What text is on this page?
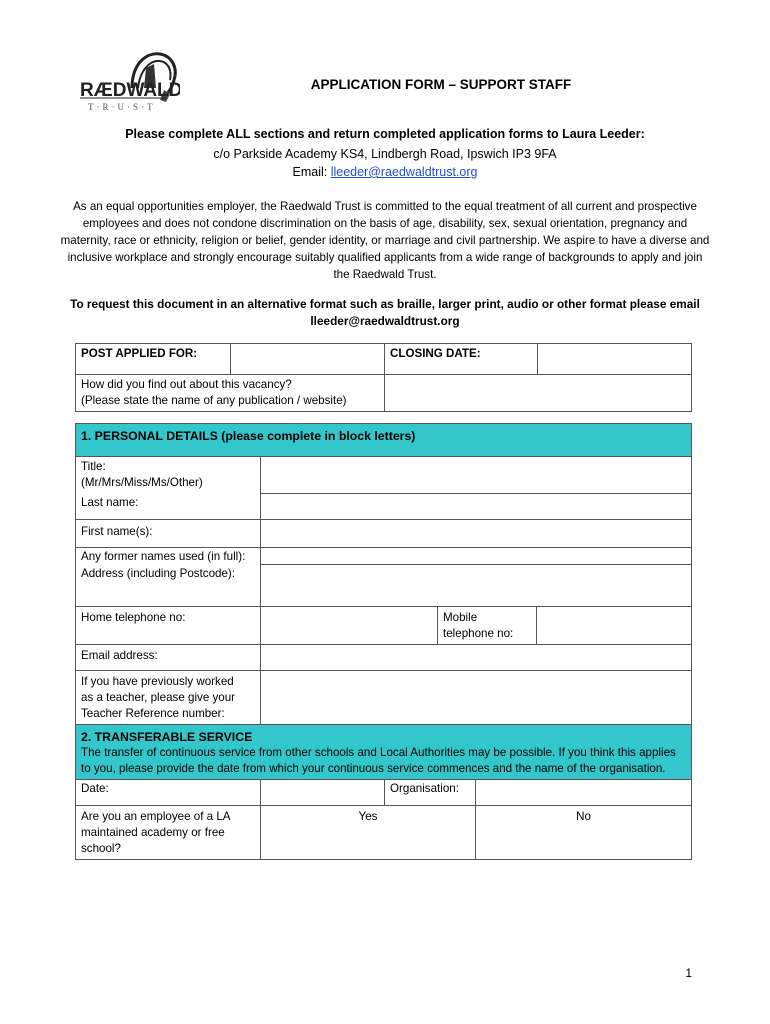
RÆDWALD
T·R·U·S·T
APPLICATION FORM – SUPPORT STAFF
Please complete ALL sections and return completed application forms to Laura Leeder:
c/o Parkside Academy KS4, Lindbergh Road, Ipswich IP3 9FA
Email: lleeder@raedwaldtrust.org
As an equal opportunities employer, the Raedwald Trust is committed to the equal treatment of all current and prospective employees and does not condone discrimination on the basis of age, disability, sex, sexual orientation, pregnancy and maternity, race or ethnicity, religion or belief, gender identity, or marriage and civil partnership. We aspire to have a diverse and inclusive workplace and strongly encourage suitably qualified applicants from a wide range of backgrounds to apply and join the Raedwald Trust.
To request this document in an alternative format such as braille, larger print, audio or other format please email
lleeder@raedwaldtrust.org
POST APPLIED FOR:		CLOSING DATE:	

How did you find out about this vacancy?
(Please state the name of any publication / website)			

1. PERSONAL DETAILS (please complete in block letters)			

Title:
(Mr/Mrs/Miss/Ms/Other)			

Last name:			
First name(s):			
Any former names used (in full):			
Address (including Postcode):			
Home telephone no:		Mobile
telephone no:	

Email address:			

If you have previously worked
as a teacher, please give your
Teacher Reference number:			

2. TRANSFERABLE SERVICE
The transfer of continuous service from other schools and Local Authorities may be possible. If you think this applies to you, please provide the date from which your continuous service commences and the name of the organisation.			

Date:		Organisation:	

Are you an employee of a LA
maintained academy or free
school?	Yes		No
1
